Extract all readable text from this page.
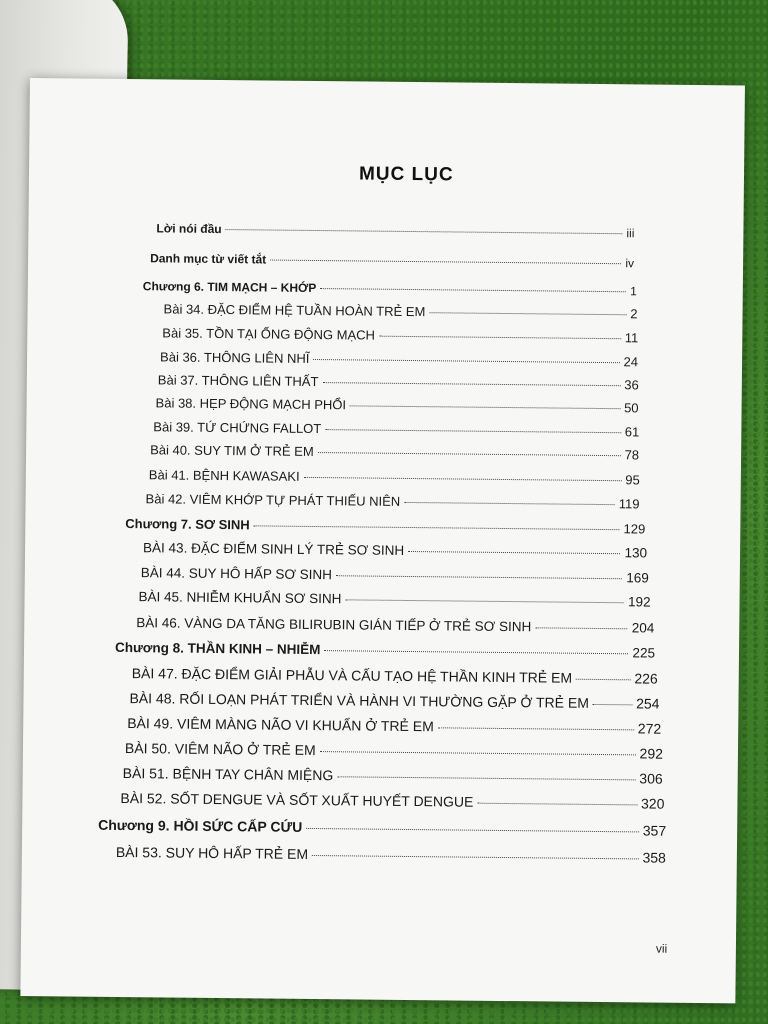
MỤC LỤC
Lời nói đầu	iii
Danh mục từ viết tắt	iv
Chương 6. TIM MẠCH – KHỚP	1
Bài 34. ĐẶC ĐIỂM HỆ TUẦN HOÀN TRẺ EM	2
Bài 35. TỒN TẠI ỐNG ĐỘNG MẠCH	11
Bài 36. THÔNG LIÊN NHĨ	24
Bài 37. THÔNG LIÊN THẤT	36
Bài 38. HẸP ĐỘNG MẠCH PHỔI	50
Bài 39. TỨ CHỨNG FALLOT	61
Bài 40. SUY TIM Ở TRẺ EM	78
Bài 41. BỆNH KAWASAKI	95
Bài 42. VIÊM KHỚP TỰ PHÁT THIẾU NIÊN	119
Chương 7. SƠ SINH	129
BÀI 43. ĐẶC ĐIỂM SINH LÝ TRẺ SƠ SINH	130
BÀI 44. SUY HÔ HẤP SƠ SINH	169
BÀI 45. NHIỄM KHUẨN SƠ SINH	192
BÀI 46. VÀNG DA TĂNG BILIRUBIN GIÁN TIẾP Ở TRẺ SƠ SINH	204
Chương 8. THẦN KINH – NHIỄM	225
BÀI 47. ĐẶC ĐIỂM GIẢI PHẪU VÀ CẤU TẠO HỆ THẦN KINH TRẺ EM	226
BÀI 48. RỐI LOẠN PHÁT TRIỂN VÀ HÀNH VI THƯỜNG GẶP Ở TRẺ EM	254
BÀI 49. VIÊM MÀNG NÃO VI KHUẨN Ở TRẺ EM	272
BÀI 50. VIÊM NÃO Ở TRẺ EM	292
BÀI 51. BỆNH TAY CHÂN MIỆNG	306
BÀI 52. SỐT DENGUE VÀ SỐT XUẤT HUYẾT DENGUE	320
Chương 9. HỒI SỨC CẤP CỨU	357
BÀI 53. SUY HÔ HẤP TRẺ EM	358
vii
